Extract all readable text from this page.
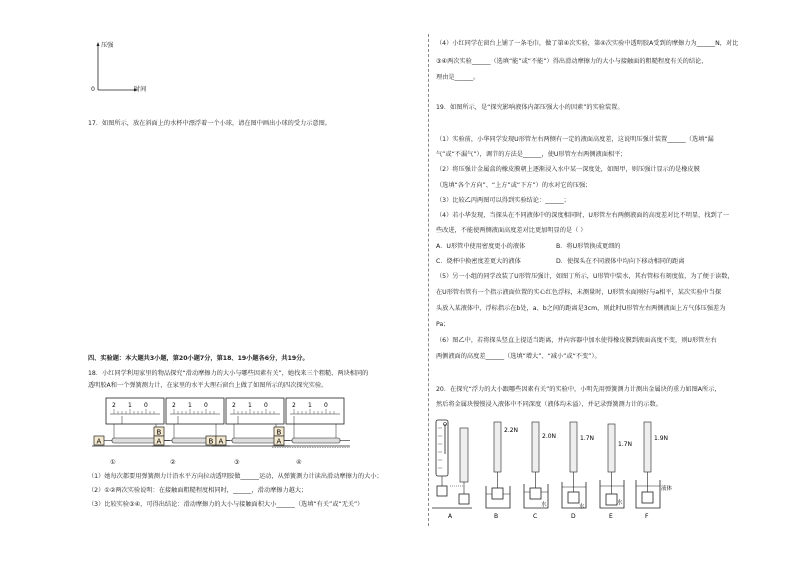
压强
0	时间
17．如图所示，放在斜面上的水杯中漂浮着一个小球，请在图中画出小球的受力示意图。
四、实验题：本大题共3小题，第20小题7分，第18、19小题各6分，共19分。
18．小红同学利用家里的物品探究“滑动摩擦力的大小与哪些因素有关”，她找来三个粗糙、两块相同的
透明胶A和一个弹簧测力计，在家里的水平大理石窗台上做了如图所示的四次探究实验。
2 1 0
A
①
2 1 0
B
A
②
2 1 0
B A
③
2 1 0
B
A
④
（1）她每次都要用弹簧测力计沿水平方向拉动透明胶做______运动，从弹簧测力计读出滑动摩擦力的大小；
（2）①②两次实验说明：在接触面粗糙程度相同时，______，滑动摩擦力越大；
（3）比较实验③④，可得出结论：滑动摩擦力的大小与接触面积大小______（选填“有关”或“无关”）
（4）小红同学在窗台上铺了一条毛巾，做了第④次实验，第④次实验中透明胶A受到的摩擦力为______N，对比
③④两次实验______（选填“能”或“不能”）得出滑动摩擦力的大小与接触面的粗糙程度有关的结论，
理由是______。
19．如图所示，是“探究影响液体内部压强大小的因素”的实验装置。
（1）实验前，小华同学发现U形管左右两侧有一定的液面高度差，这说明压强计装置______（选填“漏
气”或“不漏气”），调节的方法是______，使U形管左右两侧液面相平；
（2）将压强计金属盒的橡皮膜朝上逐渐浸入水中某一深度处，如图甲，则压强计显示的是橡皮膜
（选填“各个方向”、“上方”或“下方”）的水对它的压强；
（3）比较乙丙两图可以得到实验结论：______；
（4）若小华发现，当探头在不同液体中的深度相同时，U形管左右两侧液面的高度差对比不明显，找到了一
些改进，不能使两侧液面高度差对比更加明显的是（ ）
A．U形管中使用密度更小的液体	B．将U形管换成更细的
C．烧杯中换密度差更大的液体	D．使探头在不同液体中均向下移动相同的距离
（5）另一小组的同学改装了U形管压强计，如图丁所示，U形管中装水，其右管标有刻度值，为了便于读数，
在U形管右管有一个指示液面位置的实心红色浮标，未测量时，U形管水面刚好与a相平，某次实验中当探
头放入某液体中，浮标指示在b处，a、b之间的距离是3cm，则此时U形管左右两侧液面上方气体压强差为
Pa；
（6）图乙中，若将探头竖直上提适当距离，并向容器中加水使得橡皮膜到液面高度不变，则U形管左右
两侧液面的高度差______（选填“增大”、“减小”或“不变”）。
20．在探究“浮力的大小跟哪些因素有关”的实验中，小明先用弹簧测力计测出金属块的重力如图A所示，
然后将金属块慢慢浸入液体中不同深度（液体均未溢），并记录弹簧测力计的示数。
A
2.2N
B
2.0N
水
C
1.7N
水
D
1.7N
水
E
1.9N
液体
F
